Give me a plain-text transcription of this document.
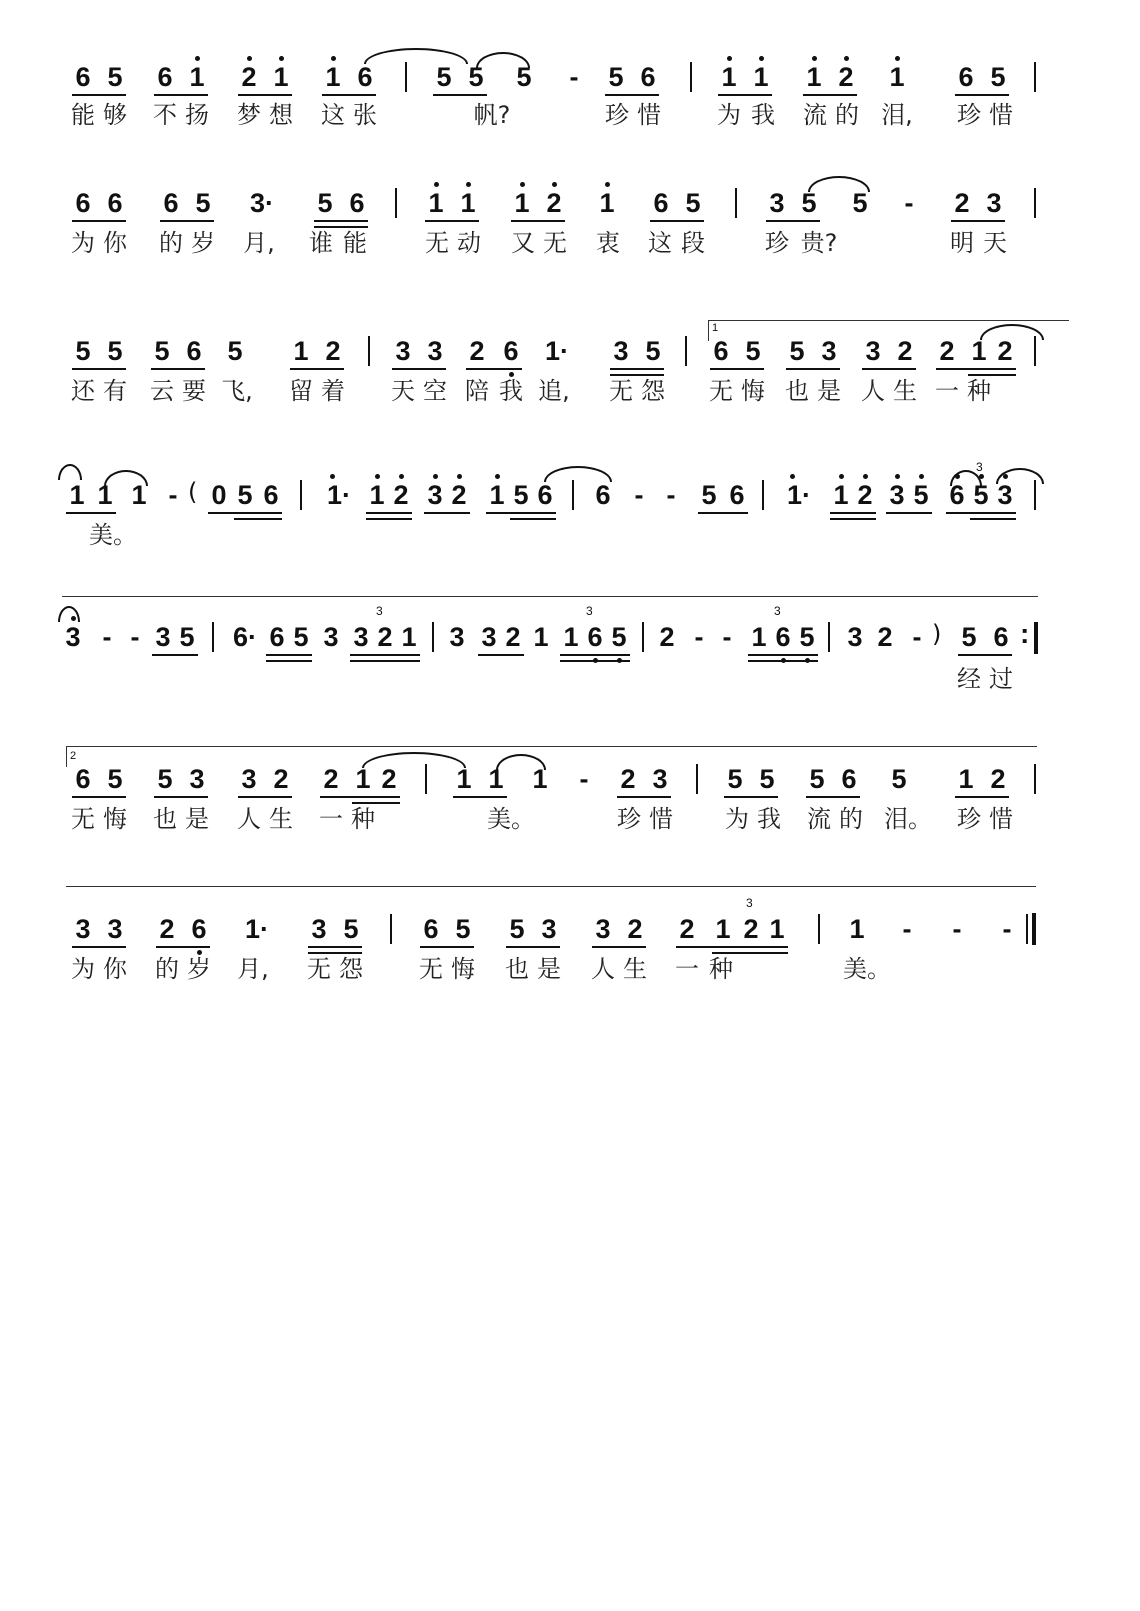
6 5 6 1 2 1 1 6 5 5 5 - 5 6 1 1 1 2 1 6 5
能 够 不 扬 梦 想 这 张	帆?	珍 惜 为 我 流 的 泪, 珍 惜
6 6 6 5 3· 5 6 1 1 1 2 1 6 5	3 5 5 - 2 3
为 你 的 岁 月, 谁 能 无 动 又 无 衷 这 段	珍 贵?	明 天
1
5 5 5 6 5 1 2 3 3 2 6 1· 3 5 6 5 5 3 3 2 2 1 2
还 有 云 要 飞, 留 着 天 空 陪 我 追, 无 怨 无 悔 也 是 人 生 一 种
1 1 1 - ( 0 5 6 1· 1 2 3 2 1 5 6 6 - - 5 6 1· 1 2 3 5
3
6 5 3
美。
3 - - 3 5 6· 6 5 3
3
3 2 1 3 3 2 1
3
1 6 5 2 - -
3
1 6 5 3 2 - ) 5 6 :
经 过
2
6 5 5 3 3 2 2 1 2 1 1 1 - 2 3 5 5 5 6 5 1 2
无 悔 也 是 人 生 一 种	美。	珍 惜 为 我 流 的 泪。 珍 惜
3 3 2 6 1· 3 5 6 5 5 3 3 2 2
3
1 2 1 1 - - -
为 你 的 岁 月, 无 怨 无 悔 也 是 人 生 一 种	美。
